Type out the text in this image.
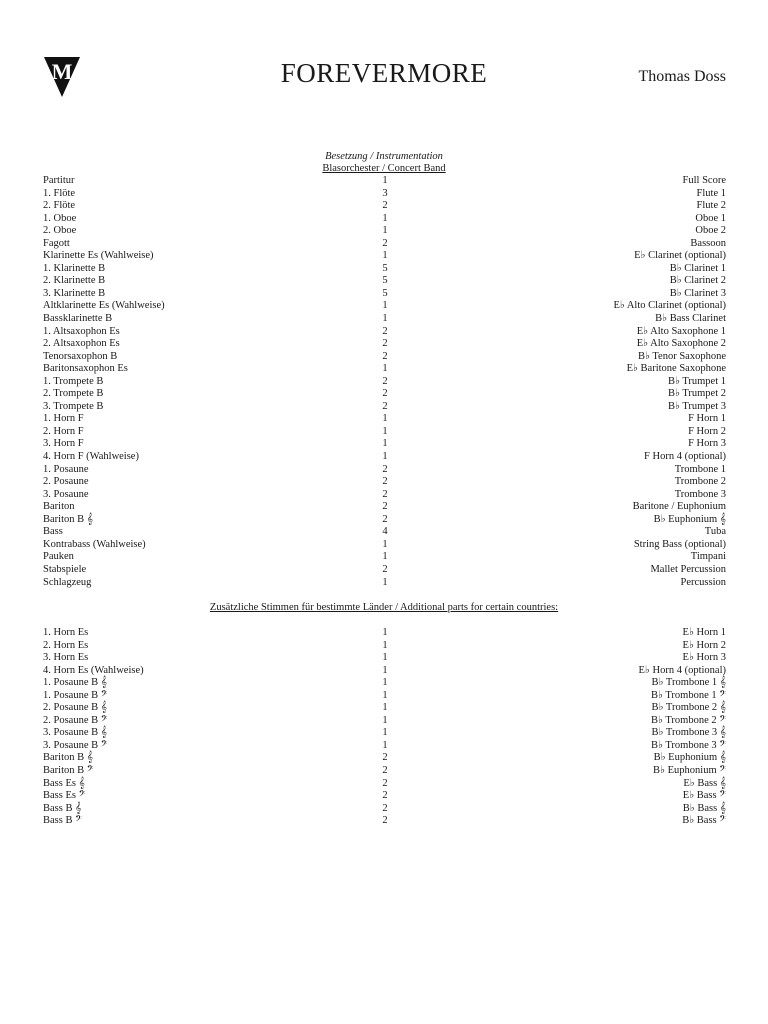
M	FOREVERMORE	Thomas Doss
Besetzung / Instrumentation
Blasorchester / Concert Band
Partitur	1	Full Score
1. Flöte	3	Flute 1
2. Flöte	2	Flute 2
1. Oboe	1	Oboe 1
2. Oboe	1	Oboe 2
Fagott	2	Bassoon
Klarinette Es (Wahlweise)	1	E♭ Clarinet (optional)
1. Klarinette B	5	B♭ Clarinet 1
2. Klarinette B	5	B♭ Clarinet 2
3. Klarinette B	5	B♭ Clarinet 3
Altklarinette Es (Wahlweise)	1	E♭ Alto Clarinet (optional)
Bassklarinette B	1	B♭ Bass Clarinet
1. Altsaxophon Es	2	E♭ Alto Saxophone 1
2. Altsaxophon Es	2	E♭ Alto Saxophone 2
Tenorsaxophon B	2	B♭ Tenor Saxophone
Baritonsaxophon Es	1	E♭ Baritone Saxophone
1. Trompete B	2	B♭ Trumpet 1
2. Trompete B	2	B♭ Trumpet 2
3. Trompete B	2	B♭ Trumpet 3
1. Horn F	1	F Horn 1
2. Horn F	1	F Horn 2
3. Horn F	1	F Horn 3
4. Horn F (Wahlweise)	1	F Horn 4 (optional)
1. Posaune	2	Trombone 1
2. Posaune	2	Trombone 2
3. Posaune	2	Trombone 3
Bariton	2	Baritone / Euphonium
Bariton B 𝄞	2	B♭ Euphonium 𝄞
Bass	4	Tuba
Kontrabass (Wahlweise)	1	String Bass (optional)
Pauken	1	Timpani
Stabspiele	2	Mallet Percussion
Schlagzeug	1	Percussion
Zusätzliche Stimmen für bestimmte Länder / Additional parts for certain countries:
1. Horn Es	1	E♭ Horn 1
2. Horn Es	1	E♭ Horn 2
3. Horn Es	1	E♭ Horn 3
4. Horn Es (Wahlweise)	1	E♭ Horn 4 (optional)
1. Posaune B 𝄞	1	B♭ Trombone 1 𝄞
1. Posaune B 𝄢	1	B♭ Trombone 1 𝄢
2. Posaune B 𝄞	1	B♭ Trombone 2 𝄞
2. Posaune B 𝄢	1	B♭ Trombone 2 𝄢
3. Posaune B 𝄞	1	B♭ Trombone 3 𝄞
3. Posaune B 𝄢	1	B♭ Trombone 3 𝄢
Bariton B 𝄞	2	B♭ Euphonium 𝄞
Bariton B 𝄢	2	B♭ Euphonium 𝄢
Bass Es 𝄞	2	E♭ Bass 𝄞
Bass Es 𝄢	2	E♭ Bass 𝄢
Bass B 𝄞	2	B♭ Bass 𝄞
Bass B 𝄢	2	B♭ Bass 𝄢
